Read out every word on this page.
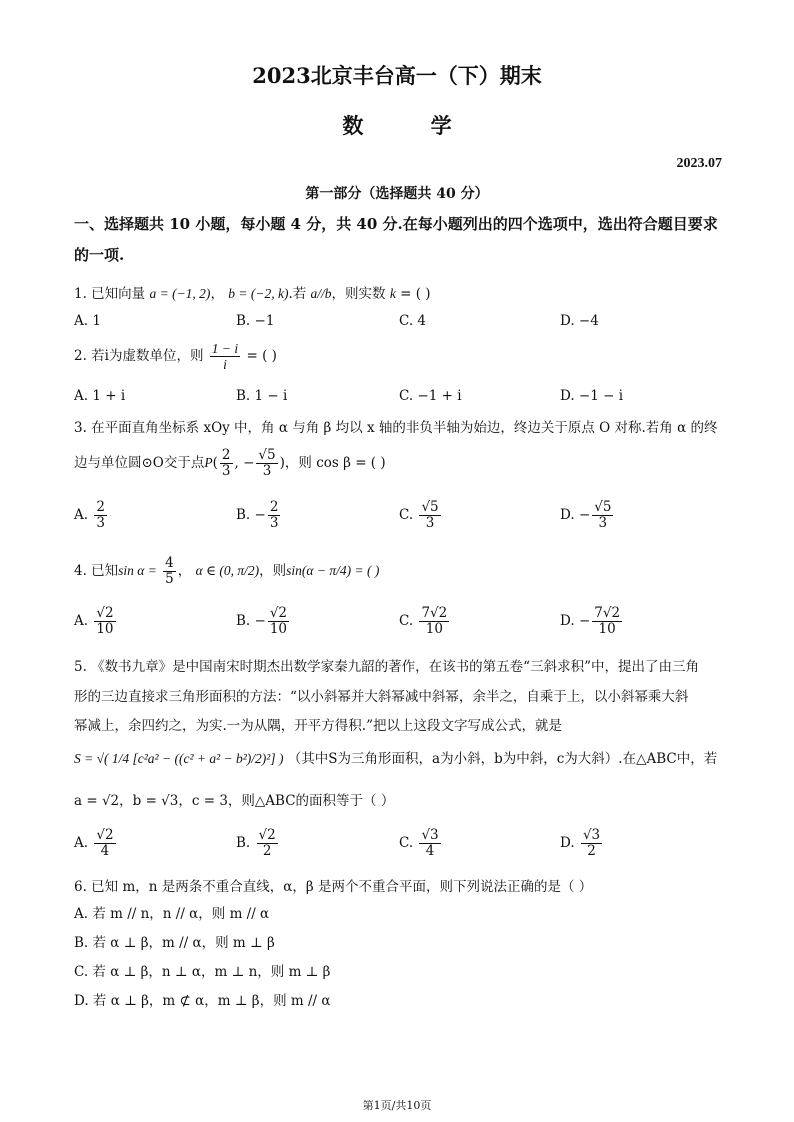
2023北京丰台高一（下）期末
数 学
2023.07
第一部分（选择题共 40 分）
一、选择题共 10 小题，每小题 4 分，共 40 分.在每小题列出的四个选项中，选出符合题目要求的一项.
1. 已知向量 a = (−1, 2)， b = (−2, k).若 a//b，则实数 k = ( )
A. 1	B. −1	C. 4	D. −4
2. 若i为虚数单位，则 $\frac{1 - i}{i}$ = ( )
A. 1 + i	B. 1 − i	C. −1 + i	D. −1 − i
3. 在平面直角坐标系 xOy 中，角 α 与角 β 均以 x 轴的非负半轴为始边，终边关于原点 O 对称.若角 α 的终
边与单位圆⊙O交于点$P( \frac{2}{3}$ , − $\frac{√5}{3}$ )，则 cos β = ( )
A. $\frac{2}{3}$	B. − $\frac{2}{3}$	C. $\frac{√5}{3}$	D. − $\frac{√5}{3}$
4. 已知$\sin \alpha = \frac{4}{5}$ ， α ∈ (0, π/2)，则sin(α − π/4) = ( )
A. $\frac{√2}{10}$	B. − $\frac{√2}{10}$	C. $\frac{7√2}{10}$	D. − $\frac{7√2}{10}$
5. 《数书九章》是中国南宋时期杰出数学家秦九韶的著作，在该书的第五卷“三斜求积”中，提出了由三角
形的三边直接求三角形面积的方法：“以小斜幂并大斜幂减中斜幂，余半之，自乘于上，以小斜幂乘大斜
幂减上，余四约之，为实.一为从隅，开平方得积.”把以上这段文字写成公式，就是
S = √( 1/4 [c²a² − ((c² + a² − b²)/2)²] ) （其中S为三角形面积，a为小斜，b为中斜，c为大斜）.在△ABC中，若
a = √2，b = √3，c = 3，则△ABC的面积等于（ ）
A. $\frac{√2}{4}$	B. $\frac{√2}{2}$	C. $\frac{√3}{4}$	D. $\frac{√3}{2}$
6. 已知 m，n 是两条不重合直线，α，β 是两个不重合平面，则下列说法正确的是（ ）
A. 若 m // n，n // α，则 m // α
B. 若 α ⊥ β，m // α，则 m ⊥ β
C. 若 α ⊥ β，n ⊥ α，m ⊥ n，则 m ⊥ β
D. 若 α ⊥ β，m ⊄ α，m ⊥ β，则 m // α
第1页/共10页
